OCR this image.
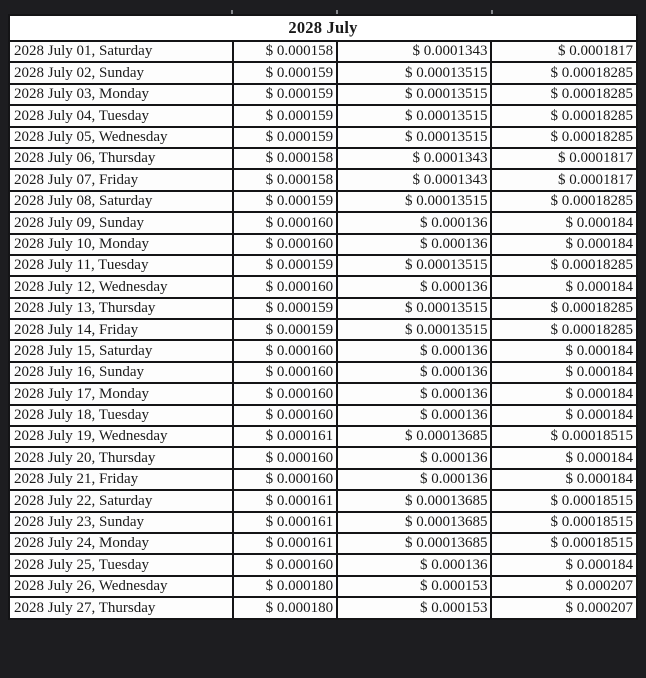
2028 July			
2028 July 01, Saturday	$ 0.000158	$ 0.0001343	$ 0.0001817
2028 July 02, Sunday	$ 0.000159	$ 0.00013515	$ 0.00018285
2028 July 03, Monday	$ 0.000159	$ 0.00013515	$ 0.00018285
2028 July 04, Tuesday	$ 0.000159	$ 0.00013515	$ 0.00018285
2028 July 05, Wednesday	$ 0.000159	$ 0.00013515	$ 0.00018285
2028 July 06, Thursday	$ 0.000158	$ 0.0001343	$ 0.0001817
2028 July 07, Friday	$ 0.000158	$ 0.0001343	$ 0.0001817
2028 July 08, Saturday	$ 0.000159	$ 0.00013515	$ 0.00018285
2028 July 09, Sunday	$ 0.000160	$ 0.000136	$ 0.000184
2028 July 10, Monday	$ 0.000160	$ 0.000136	$ 0.000184
2028 July 11, Tuesday	$ 0.000159	$ 0.00013515	$ 0.00018285
2028 July 12, Wednesday	$ 0.000160	$ 0.000136	$ 0.000184
2028 July 13, Thursday	$ 0.000159	$ 0.00013515	$ 0.00018285
2028 July 14, Friday	$ 0.000159	$ 0.00013515	$ 0.00018285
2028 July 15, Saturday	$ 0.000160	$ 0.000136	$ 0.000184
2028 July 16, Sunday	$ 0.000160	$ 0.000136	$ 0.000184
2028 July 17, Monday	$ 0.000160	$ 0.000136	$ 0.000184
2028 July 18, Tuesday	$ 0.000160	$ 0.000136	$ 0.000184
2028 July 19, Wednesday	$ 0.000161	$ 0.00013685	$ 0.00018515
2028 July 20, Thursday	$ 0.000160	$ 0.000136	$ 0.000184
2028 July 21, Friday	$ 0.000160	$ 0.000136	$ 0.000184
2028 July 22, Saturday	$ 0.000161	$ 0.00013685	$ 0.00018515
2028 July 23, Sunday	$ 0.000161	$ 0.00013685	$ 0.00018515
2028 July 24, Monday	$ 0.000161	$ 0.00013685	$ 0.00018515
2028 July 25, Tuesday	$ 0.000160	$ 0.000136	$ 0.000184
2028 July 26, Wednesday	$ 0.000180	$ 0.000153	$ 0.000207
2028 July 27, Thursday	$ 0.000180	$ 0.000153	$ 0.000207
